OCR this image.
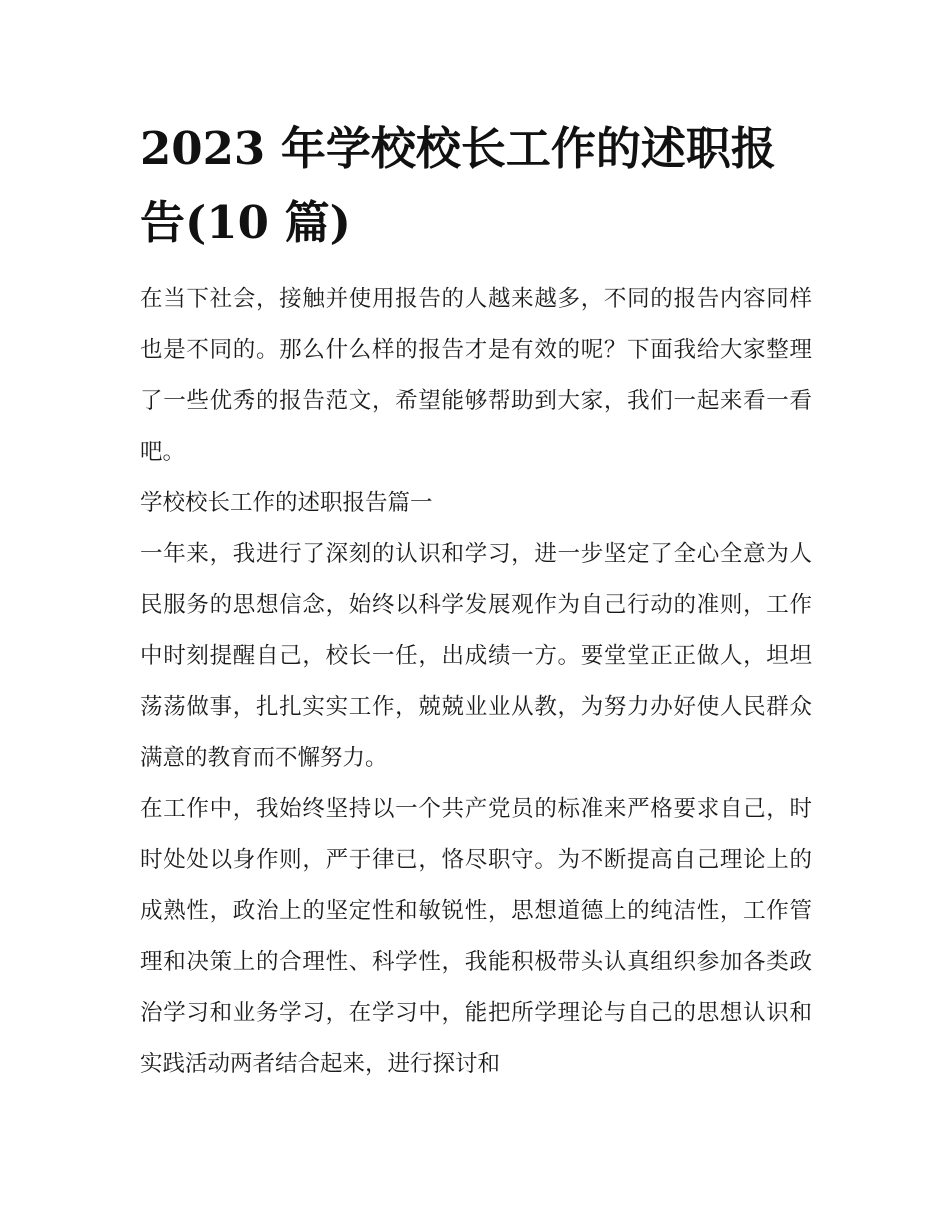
2023 年学校校长工作的述职报告(10 篇)

在当下社会，接触并使用报告的人越来越多，不同的报告内容同样也是不同的。那么什么样的报告才是有效的呢？下面我给大家整理了一些优秀的报告范文，希望能够帮助到大家，我们一起来看一看吧。

学校校长工作的述职报告篇一

一年来，我进行了深刻的认识和学习，进一步坚定了全心全意为人民服务的思想信念，始终以科学发展观作为自己行动的准则，工作中时刻提醒自己，校长一任，出成绩一方。要堂堂正正做人，坦坦荡荡做事，扎扎实实工作，兢兢业业从教，为努力办好使人民群众满意的教育而不懈努力。

在工作中，我始终坚持以一个共产党员的标准来严格要求自己，时时处处以身作则，严于律已，恪尽职守。为不断提高自己理论上的成熟性，政治上的坚定性和敏锐性，思想道德上的纯洁性，工作管理和决策上的合理性、科学性，我能积极带头认真组织参加各类政治学习和业务学习，在学习中，能把所学理论与自己的思想认识和实践活动两者结合起来，进行探讨和
